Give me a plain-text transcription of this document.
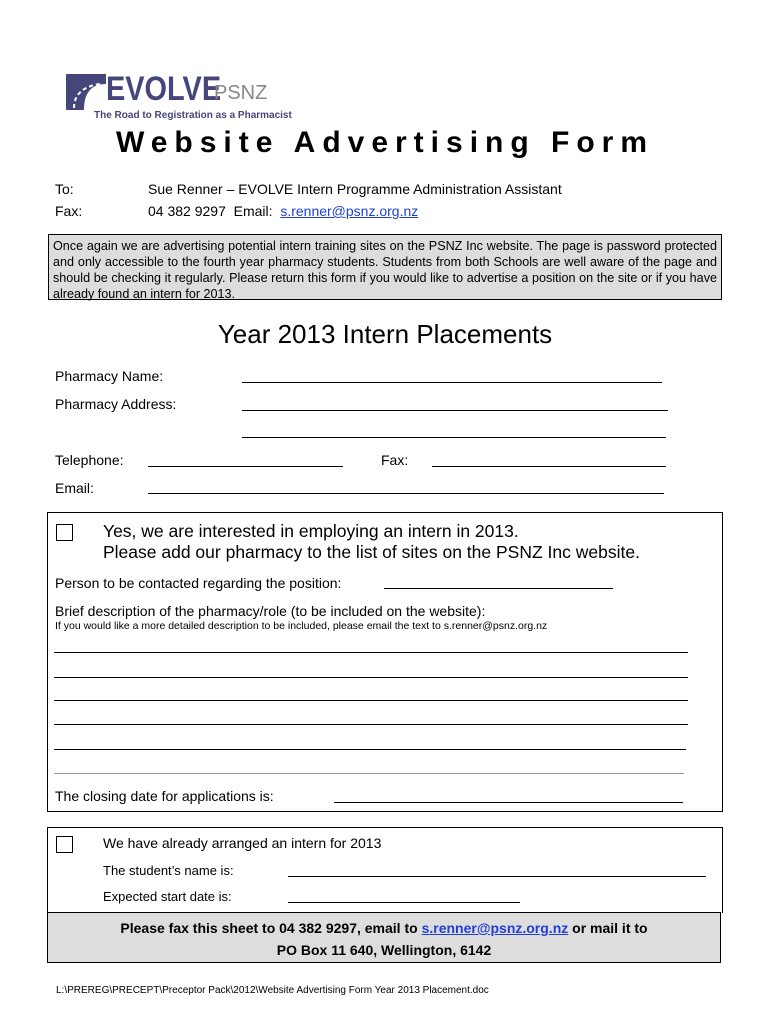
EVOLVE
PSNZ
The Road to Registration as a Pharmacist
Website Advertising Form
To:	Sue Renner – EVOLVE Intern Programme Administration Assistant
Fax:	04 382 9297 Email: s.renner@psnz.org.nz
Once again we are advertising potential intern training sites on the PSNZ Inc website. The page is password protected and only accessible to the fourth year pharmacy students. Students from both Schools are well aware of the page and should be checking it regularly. Please return this form if you would like to advertise a position on the site or if you have already found an intern for 2013.
Year 2013 Intern Placements
Pharmacy Name:
Pharmacy Address:
Telephone:	Fax:
Email:
Yes, we are interested in employing an intern in 2013.
Please add our pharmacy to the list of sites on the PSNZ Inc website.
Person to be contacted regarding the position:
Brief description of the pharmacy/role (to be included on the website):
If you would like a more detailed description to be included, please email the text to s.renner@psnz.org.nz
The closing date for applications is:
We have already arranged an intern for 2013
The student’s name is:
Expected start date is:
Please fax this sheet to 04 382 9297, email to s.renner@psnz.org.nz or mail it to
PO Box 11 640, Wellington, 6142
L:\PREREG\PRECEPT\Preceptor Pack\2012\Website Advertising Form Year 2013 Placement.doc
